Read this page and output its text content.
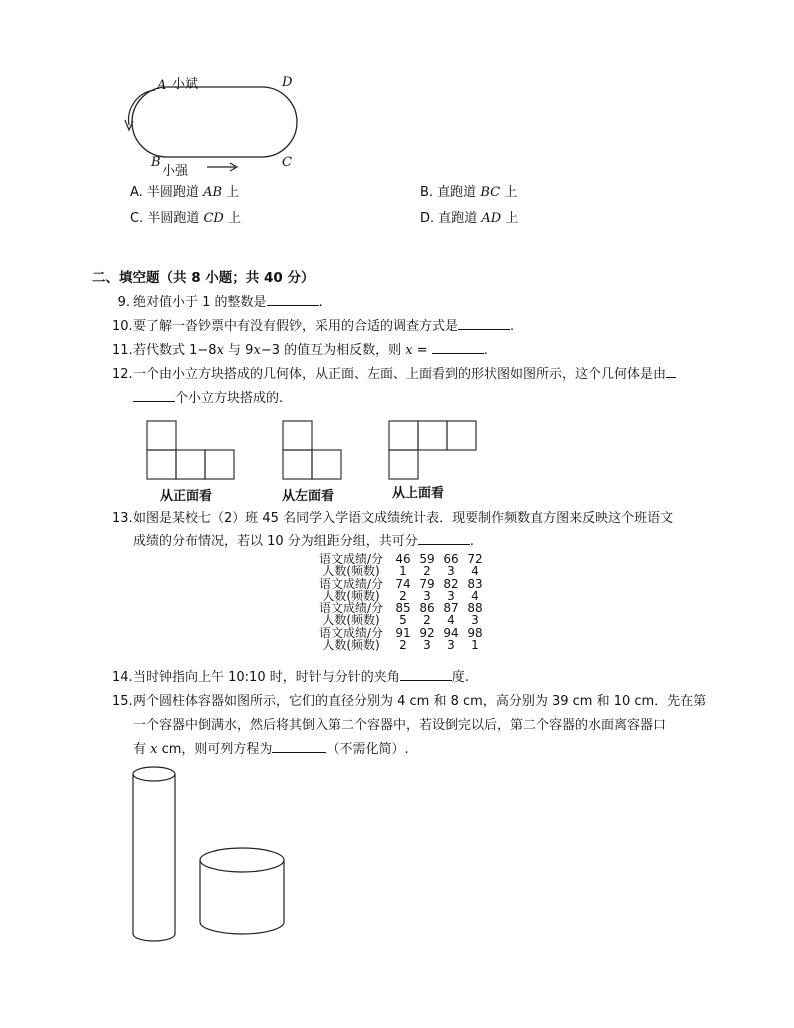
A 小斌	D
B
小强
C
A. 半圆跑道 AB 上	B. 直跑道 BC 上
C. 半圆跑道 CD 上	D. 直跑道 AD 上
二、填空题（共 8 小题；共 40 分）
9. 绝对值小于 1 的整数是	.
10.要了解一沓钞票中有没有假钞，采用的合适的调查方式是	.
11.若代数式 1−8x 与 9x−3 的值互为相反数，则 x =	.
12.一个由小立方块搭成的几何体，从正面、左面、上面看到的形状图如图所示，这个几何体是由
个小立方块搭成的.
从正面看	从左面看	从上面看
13.如图是某校七（2）班 45 名同学入学语文成绩统计表．现要制作频数直方图来反映这个班语文
成绩的分布情况，若以 10 分为组距分组，共可分	.
语文成绩/分	46 59 66 72
人数(频数)	1	2	3	4
语文成绩/分	74 79 82 83
人数(频数)	2	3	3	4
语文成绩/分	85 86 87 88
人数(频数)	5	2	4	3
语文成绩/分	91 92 94 98
人数(频数)	2	3	3	1
14.当时钟指向上午 10:10 时，时针与分针的夹角	度.
15.两个圆柱体容器如图所示，它们的直径分别为 4 cm 和 8 cm，高分别为 39 cm 和 10 cm．先在第
一个容器中倒满水，然后将其倒入第二个容器中，若设倒完以后，第二个容器的水面离容器口
有 x cm，则可列方程为	（不需化简）.
